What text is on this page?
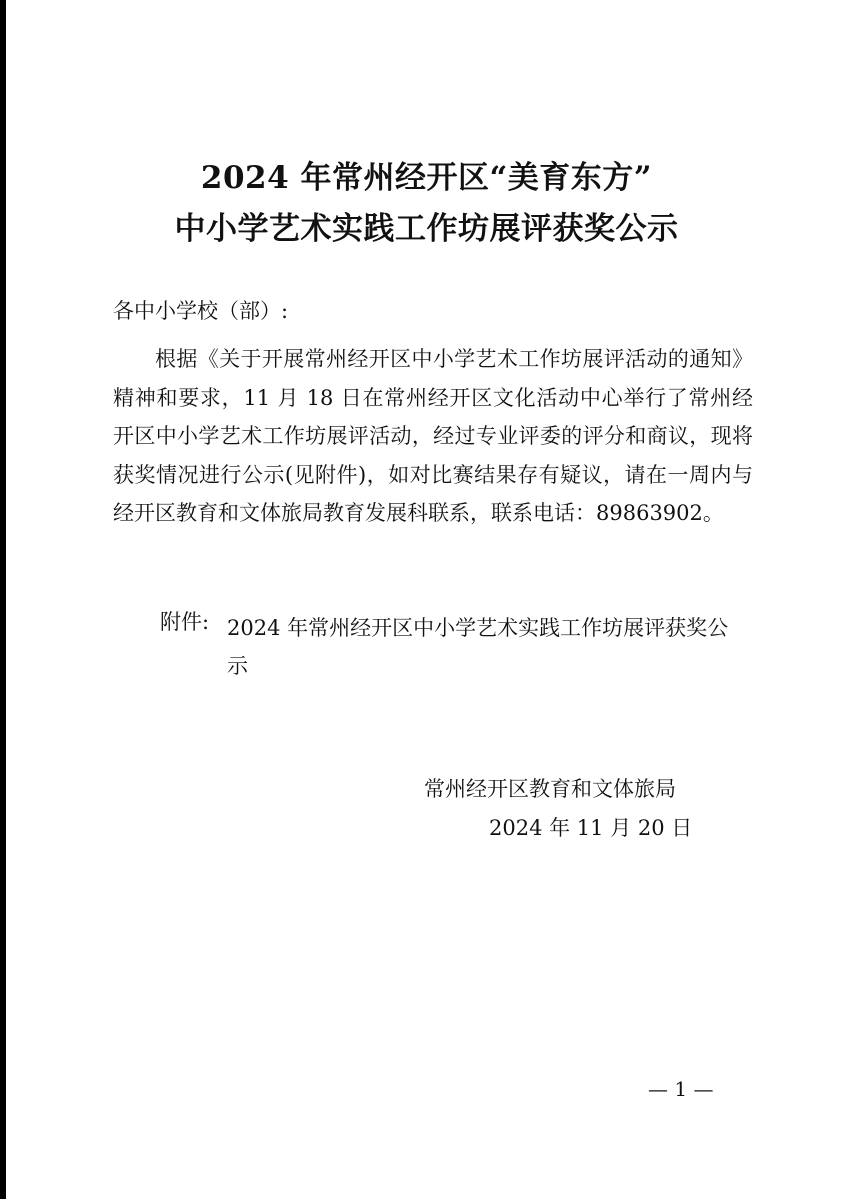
2024 年常州经开区“美育东方”
中小学艺术实践工作坊展评获奖公示
各中小学校（部）:
根据《关于开展常州经开区中小学艺术工作坊展评活动的通知》精神和要求，11 月 18 日在常州经开区文化活动中心举行了常州经开区中小学艺术工作坊展评活动，经过专业评委的评分和商议，现将获奖情况进行公示(见附件)，如对比赛结果存有疑议，请在一周内与经开区教育和文体旅局教育发展科联系，联系电话：89863902。
附件: 2024 年常州经开区中小学艺术实践工作坊展评获奖公示
常州经开区教育和文体旅局
2024 年 11 月 20 日
— 1 —
